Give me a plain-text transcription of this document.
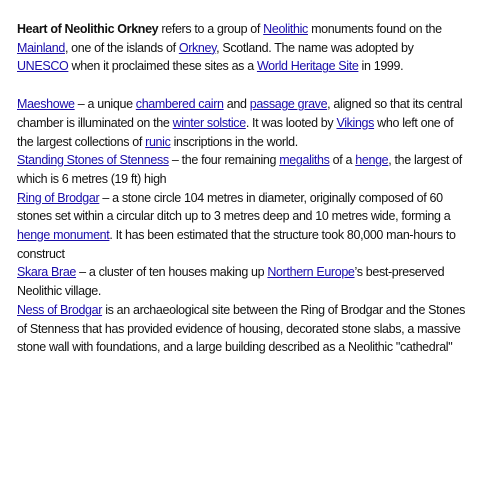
Heart of Neolithic Orkney refers to a group of Neolithic monuments found on the Mainland, one of the islands of Orkney, Scotland. The name was adopted by UNESCO when it proclaimed these sites as a World Heritage Site in 1999.

Maeshowe – a unique chambered cairn and passage grave, aligned so that its central chamber is illuminated on the winter solstice. It was looted by Vikings who left one of the largest collections of runic inscriptions in the world.

Standing Stones of Stenness – the four remaining megaliths of a henge, the largest of which is 6 metres (19 ft) high

Ring of Brodgar – a stone circle 104 metres in diameter, originally composed of 60 stones set within a circular ditch up to 3 metres deep and 10 metres wide, forming a henge monument. It has been estimated that the structure took 80,000 man-hours to construct

Skara Brae – a cluster of ten houses making up Northern Europe’s best-preserved Neolithic village.

Ness of Brodgar is an archaeological site between the Ring of Brodgar and the Stones of Stenness that has provided evidence of housing, decorated stone slabs, a massive stone wall with foundations, and a large building described as a Neolithic "cathedral"
